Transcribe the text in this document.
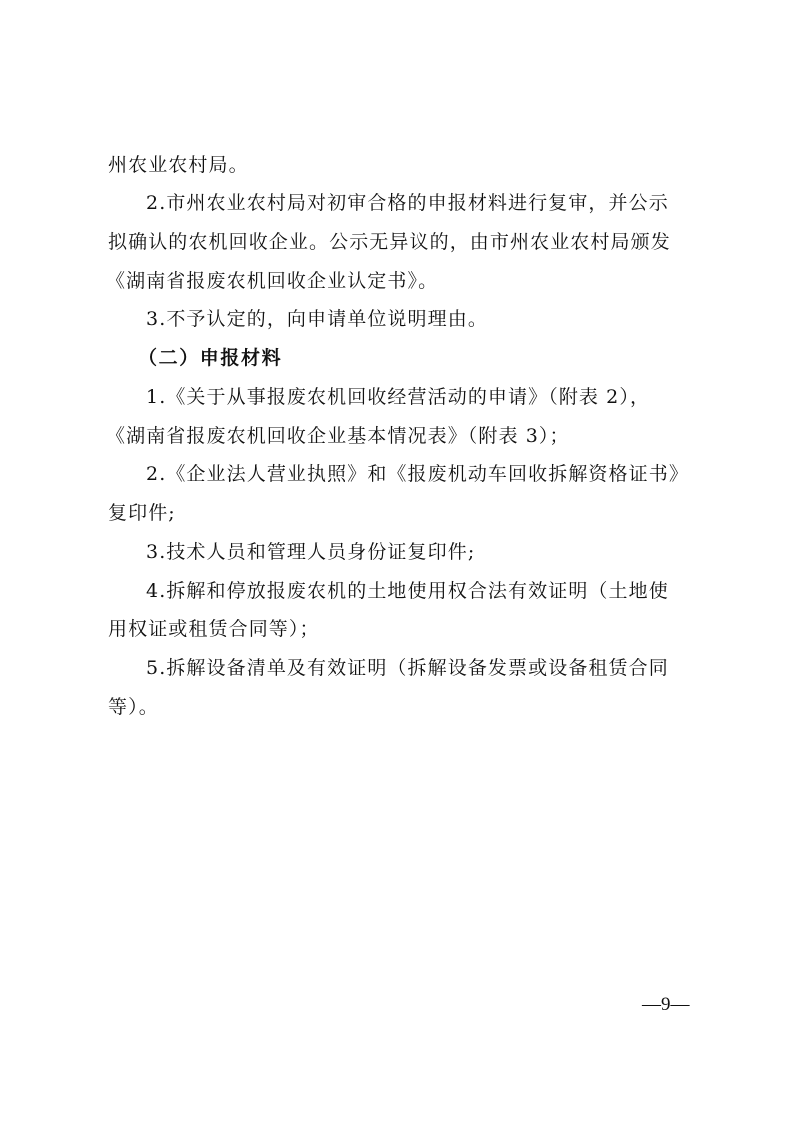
州农业农村局。
2.市州农业农村局对初审合格的申报材料进行复审，并公示
拟确认的农机回收企业。公示无异议的，由市州农业农村局颁发
《湖南省报废农机回收企业认定书》。
3.不予认定的，向申请单位说明理由。
（二）申报材料
1.《关于从事报废农机回收经营活动的申请》（附表 2），
《湖南省报废农机回收企业基本情况表》（附表 3）；
2.《企业法人营业执照》和《报废机动车回收拆解资格证书》
复印件;
3.技术人员和管理人员身份证复印件;
4.拆解和停放报废农机的土地使用权合法有效证明（土地使
用权证或租赁合同等）；
5.拆解设备清单及有效证明（拆解设备发票或设备租赁合同
等）。
—9—
